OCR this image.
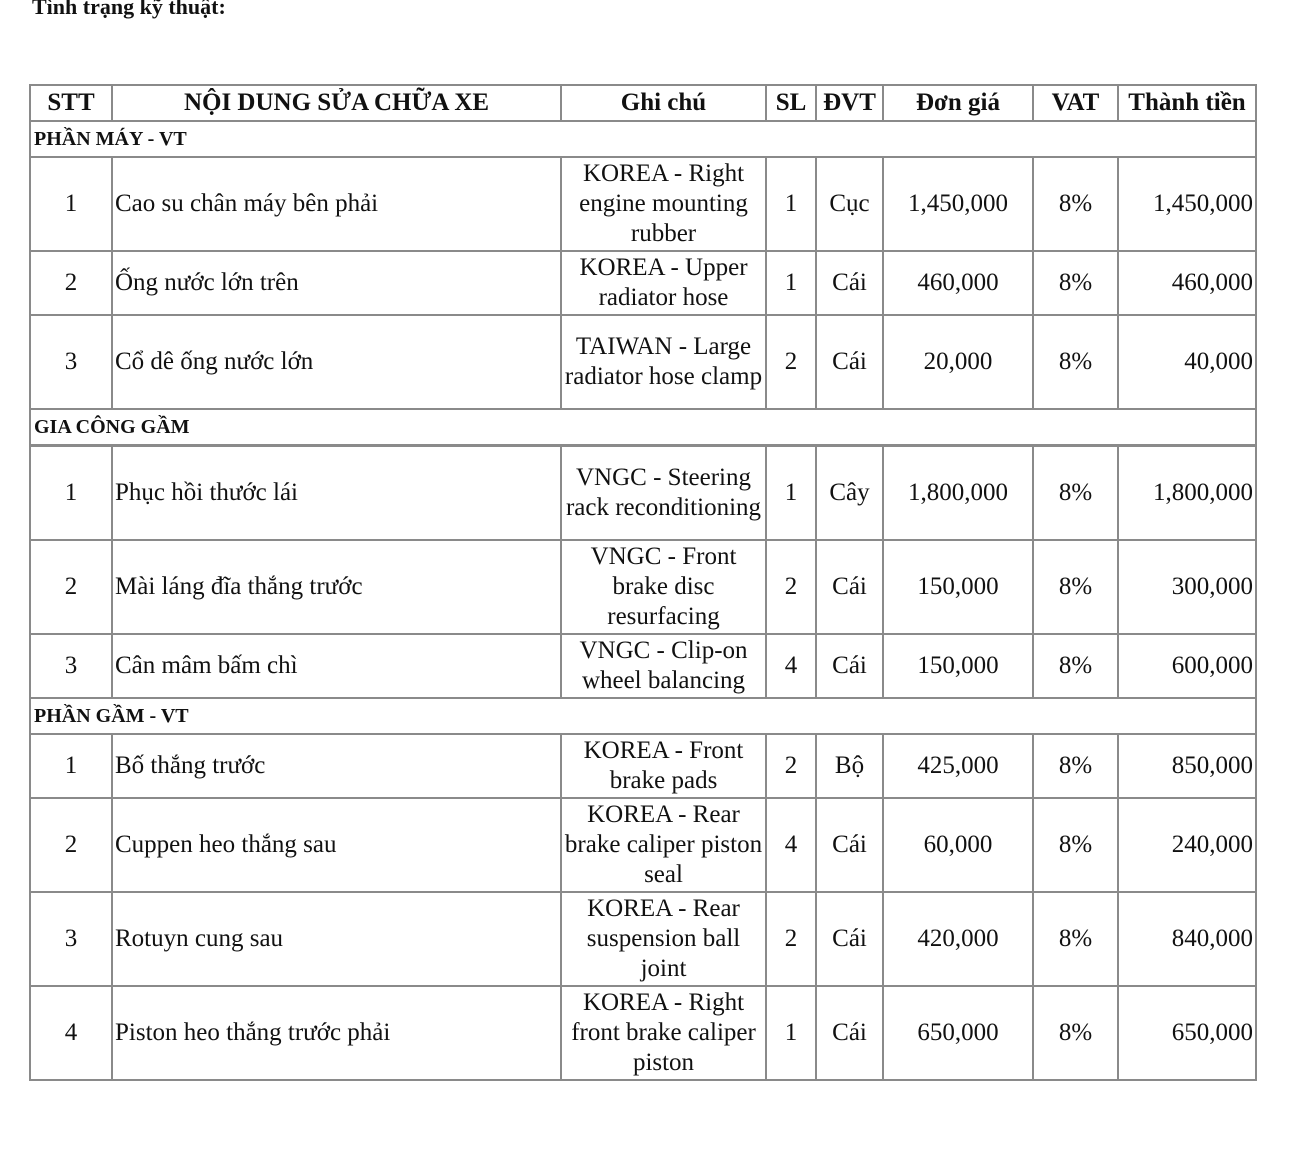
Tình trạng kỹ thuật:

STT	NỘI DUNG SỬA CHỮA XE	Ghi chú	SL	ĐVT	Đơn giá	VAT	Thành tiền
PHẦN MÁY - VT							
1	Cao su chân máy bên phải	KOREA - Right engine mounting rubber	1	Cục	1,450,000	8%	1,450,000
2	Ống nước lớn trên	KOREA - Upper radiator hose	1	Cái	460,000	8%	460,000
3	Cổ dê ống nước lớn	TAIWAN - Large radiator hose clamp	2	Cái	20,000	8%	40,000
GIA CÔNG GẦM							
1	Phục hồi thước lái	VNGC - Steering rack reconditioning	1	Cây	1,800,000	8%	1,800,000
2	Mài láng đĩa thắng trước	VNGC - Front brake disc resurfacing	2	Cái	150,000	8%	300,000
3	Cân mâm bấm chì	VNGC - Clip-on wheel balancing	4	Cái	150,000	8%	600,000
PHẦN GẦM - VT							
1	Bố thắng trước	KOREA - Front brake pads	2	Bộ	425,000	8%	850,000
2	Cuppen heo thắng sau	KOREA - Rear brake caliper piston seal	4	Cái	60,000	8%	240,000
3	Rotuyn cung sau	KOREA - Rear suspension ball joint	2	Cái	420,000	8%	840,000
4	Piston heo thắng trước phải	KOREA - Right front brake caliper piston	1	Cái	650,000	8%	650,000
